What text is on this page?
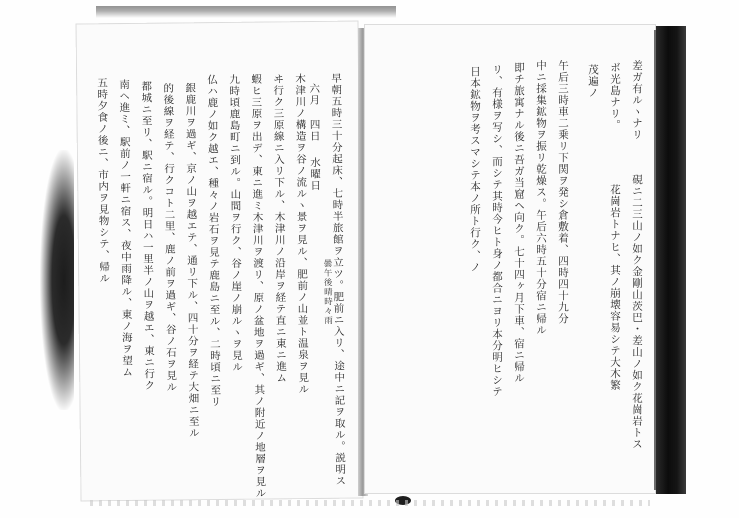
六月 四日
水曜日
曇午後晴時々雨
早朝五時三十分起床、七時半旅館ヲ立ツ。肥前ニ入リ、途中ニ記ヲ取ル。説明ス
木津川ノ構造ヲ谷ノ流ルヽ景ヲ見ル、肥前ノ山並ト温泉ヲ見ル
ヰ行ク三原線ニ入リ下ル、木津川ノ沿岸ヲ経テ直ニ東ニ進ム
蝦ヒ三原ヲ出デ、東ニ進ミ木津川ヲ渡リ、原ノ盆地ヲ過ギ、其ノ附近ノ地層ヲ見ル
九時頃鹿島町ニ到ル。山間ヲ行ク、谷ノ崖ノ崩ルヽヲ見ル
仏ハ鹿ノ如ク越エ、種々ノ岩石ヲ見テ鹿島ニ至ル、二時頃ニ至リ
銀鹿川ヲ過ギ、京ノ山ヲ越エテ、通リ下ル、四十分ヲ経テ大畑ニ至ル
的後線ヲ経テ、行クコト二里、鹿ノ前ヲ過ギ、谷ノ石ヲ見ル
都城ニ至リ、駅ニ宿ル。明日ハ一里半ノ山ヲ越エ、東ニ行ク
南ヘ進ミ、駅前ノ一軒ニ宿ス、夜中雨降ル、東ノ海ヲ望ム
五時夕食ノ後ニ、市内ヲ見物シテ、帰ル	差ガ有ルヽナリ
ボ光島ナリ。
硯ニ二三山ノ如ク金剛山茨巴・差山ノ如ク花崗岩トス
花崗岩トナヒ、其ノ崩壊容易シテ大木繁
茂遍ノ
午后三時車二乗リ下関ヲ発シ倉敷着、四時四十九分
中ニ採集鉱物ヲ振リ乾燥ス。午后六時五十分宿ニ帰ル
即チ旅寓ナル後ニ吾ガ当窟ヘ向ク。七十四ヶ月下車、宿ニ帰ル
リ、有様ヲ写シ、而シテ其時今ヒト身ノ都合ニヨリ本分明ヒシテ
日本鉱物ヲ考スマシテ本ノ所ト行ク、ノ
